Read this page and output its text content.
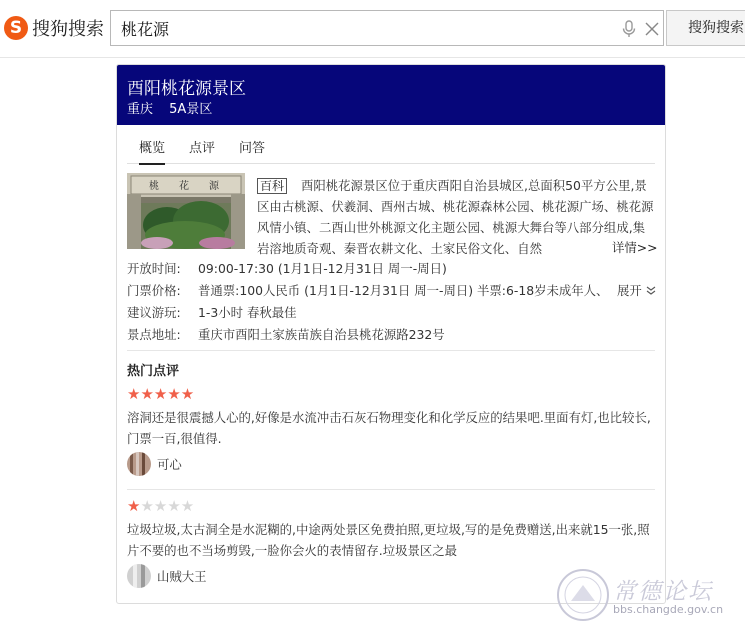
S 搜狗搜索
桃花源	搜狗搜索
酉阳桃花源景区
重庆 5A景区
概览 点评 问答
桃 花 源	酉阳桃花源景区位于重庆酉阳自治县城区,总面积50平方公里,景区由古桃源、伏羲洞、酉州古城、桃花源森林公园、桃花源广场、桃花源风情小镇、二酉山世外桃源文化主题公园、桃源大舞台等八部分组成,集岩溶地质奇观、秦晋农耕文化、土家民俗文化、自然
百科
详情>>
开放时间: 09:00-17:30 (1月1日-12月31日 周一-周日)
门票价格: 普通票:100人民币 (1月1日-12月31日 周一-周日) 半票:6-18岁未成年人、 展开
建议游玩: 1-3小时 春秋最佳
景点地址: 重庆市酉阳土家族苗族自治县桃花源路232号
热门点评
★★★★★
溶洞还是很震撼人心的,好像是水流冲击石灰石物理变化和化学反应的结果吧.里面有灯,也比较长,门票一百,很值得.
可心
★★★★★
垃圾垃圾,太古洞全是水泥糊的,中途两处景区免费拍照,更垃圾,写的是免费赠送,出来就15一张,照片不要的也不当场剪毁,一脸你会火的表情留存.垃圾景区之最
山贼大王
常德论坛
bbs.changde.gov.cn
